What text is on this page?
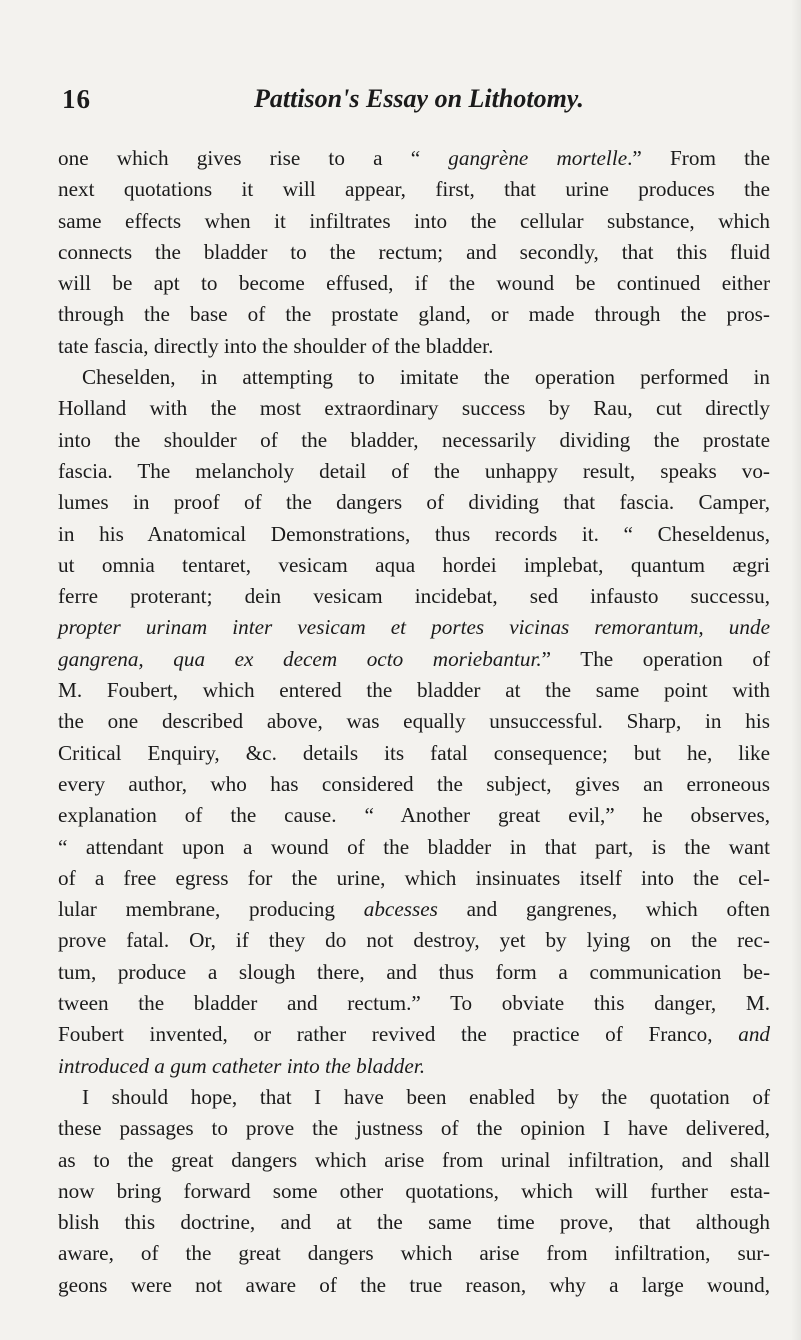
16	Pattison's Essay on Lithotomy.
one which gives rise to a “ gangrène mortelle.” From the
next quotations it will appear, first, that urine produces the
same effects when it infiltrates into the cellular substance, which
connects the bladder to the rectum; and secondly, that this fluid
will be apt to become effused, if the wound be continued either
through the base of the prostate gland, or made through the pros-
tate fascia, directly into the shoulder of the bladder.
Cheselden, in attempting to imitate the operation performed in
Holland with the most extraordinary success by Rau, cut directly
into the shoulder of the bladder, necessarily dividing the prostate
fascia. The melancholy detail of the unhappy result, speaks vo-
lumes in proof of the dangers of dividing that fascia. Camper,
in his Anatomical Demonstrations, thus records it. “ Cheseldenus,
ut omnia tentaret, vesicam aqua hordei implebat, quantum ægri
ferre proterant; dein vesicam incidebat, sed infausto successu,
propter urinam inter vesicam et portes vicinas remorantum, unde
gangrena, qua ex decem octo moriebantur.” The operation of
M. Foubert, which entered the bladder at the same point with
the one described above, was equally unsuccessful. Sharp, in his
Critical Enquiry, &c. details its fatal consequence; but he, like
every author, who has considered the subject, gives an erroneous
explanation of the cause. “ Another great evil,” he observes,
“ attendant upon a wound of the bladder in that part, is the want
of a free egress for the urine, which insinuates itself into the cel-
lular membrane, producing abcesses and gangrenes, which often
prove fatal. Or, if they do not destroy, yet by lying on the rec-
tum, produce a slough there, and thus form a communication be-
tween the bladder and rectum.” To obviate this danger, M.
Foubert invented, or rather revived the practice of Franco, and
introduced a gum catheter into the bladder.
I should hope, that I have been enabled by the quotation of
these passages to prove the justness of the opinion I have delivered,
as to the great dangers which arise from urinal infiltration, and shall
now bring forward some other quotations, which will further esta-
blish this doctrine, and at the same time prove, that although
aware, of the great dangers which arise from infiltration, sur-
geons were not aware of the true reason, why a large wound,
